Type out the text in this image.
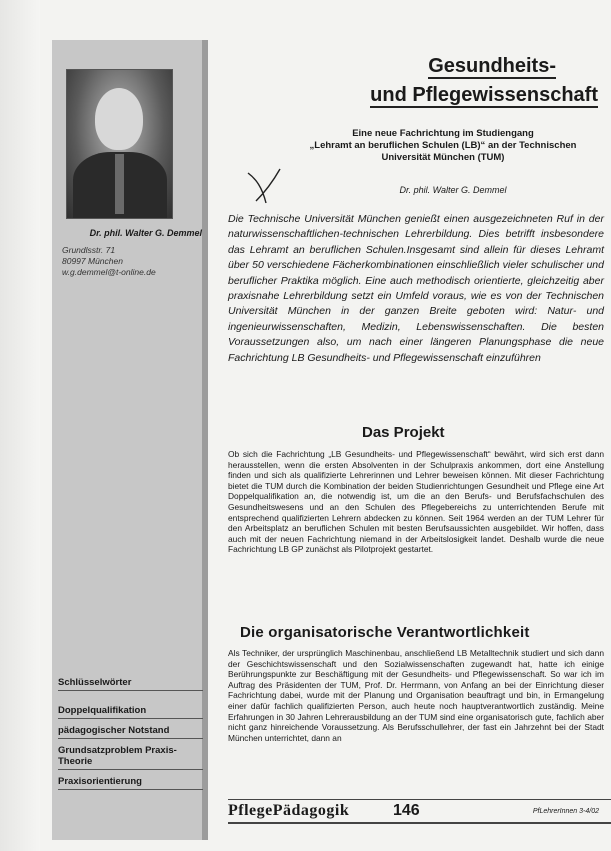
Dr. phil. Walter G. Demmel
Grundlsstr. 71
80997 München
w.g.demmel@t-online.de
Schlüsselwörter
Doppelqualifikation
pädagogischer Notstand
Grundsatzproblem Praxis-Theorie
Praxisorientierung
Gesundheits-
und Pflegewissenschaft
Eine neue Fachrichtung im Studiengang
„Lehramt an beruflichen Schulen (LB)“ an der Technischen
Universität München (TUM)
Dr. phil. Walter G. Demmel
Die Technische Universität München genießt einen ausgezeichneten Ruf in der naturwissenschaftlichen-technischen Lehrerbildung. Dies betrifft insbesondere das Lehramt an beruflichen Schulen.Insgesamt sind allein für dieses Lehramt über 50 verschiedene Fächerkombinationen einschließlich vieler schulischer und beruflicher Praktika möglich. Eine auch methodisch orientierte, gleichzeitig aber praxisnahe Lehrerbildung setzt ein Umfeld voraus, wie es von der Technischen Universität München in der ganzen Breite geboten wird: Natur- und ingenieurwissenschaften, Medizin, Lebenswissenschaften. Die besten Voraussetzungen also, um nach einer längeren Planungsphase die neue Fachrichtung LB Gesundheits- und Pflegewissenschaft einzuführen
Das Projekt
Ob sich die Fachrichtung „LB Gesundheits- und Pflegewissenschaft“ bewährt, wird sich erst dann herausstellen, wenn die ersten Absolventen in der Schulpraxis ankommen, dort eine Anstellung finden und sich als qualifizierte Lehrerinnen und Lehrer beweisen können. Mit dieser Fachrichtung bietet die TUM durch die Kombination der beiden Studienrichtungen Gesundheit und Pflege eine Art Doppelqualifikation an, die notwendig ist, um die an den Berufs- und Berufsfachschulen des Gesundheitswesens und an den Schulen des Pflegebereichs zu unterrichtenden Berufe mit entsprechend qualifizierten Lehrern abdecken zu können. Seit 1964 werden an der TUM Lehrer für den Arbeitsplatz an beruflichen Schulen mit besten Berufsaussichten ausgebildet. Wir hoffen, dass auch mit der neuen Fachrichtung niemand in der Arbeitslosigkeit landet. Deshalb wurde die neue Fachrichtung LB GP zunächst als Pilotprojekt gestartet.
Die organisatorische Verantwortlichkeit
Als Techniker, der ursprünglich Maschinenbau, anschließend LB Metalltechnik studiert und sich dann der Geschichtswissenschaft und den Sozialwissenschaften zugewandt hat, hatte ich einige Berührungspunkte zur Beschäftigung mit der Gesundheits- und Pflegewissenschaft. So war ich im Auftrag des Präsidenten der TUM, Prof. Dr. Herrmann, von Anfang an bei der Einrichtung dieser Fachrichtung dabei, wurde mit der Planung und Organisation beauftragt und bin, in Ermangelung einer dafür fachlich qualifizierten Person, auch heute noch hauptverantwortlich zuständig. Meine Erfahrungen in 30 Jahren Lehrerausbildung an der TUM sind eine organisatorisch gute, fachlich aber nicht ganz hinreichende Voraussetzung. Als Berufsschullehrer, der fast ein Jahrzehnt bei der Stadt München unterrichtet, dann an
PflegePädagogik	146	PfLehrerInnen 3-4/02
